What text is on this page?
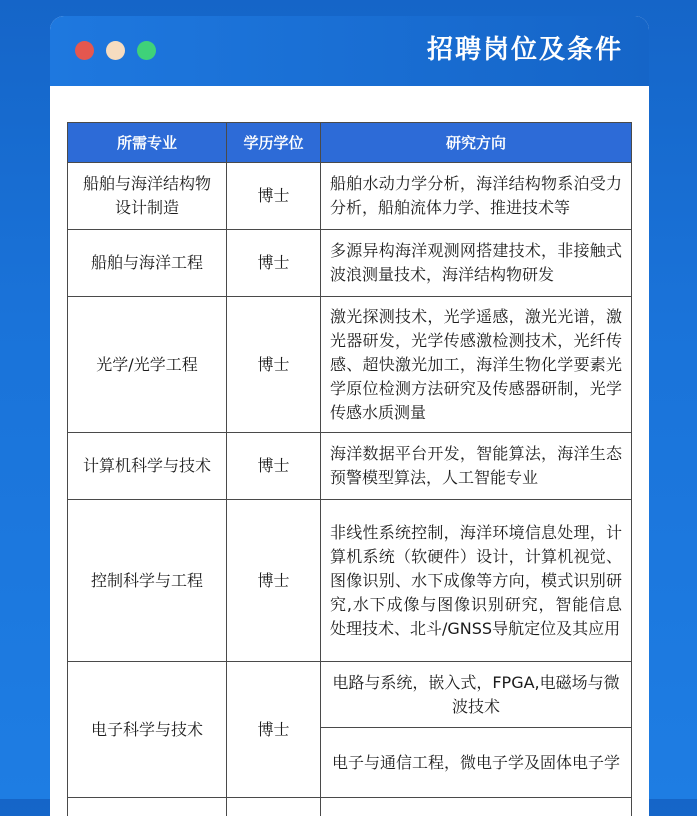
招聘岗位及条件
所需专业	学历学位	研究方向
船舶与海洋结构物设计制造	博士	船舶水动力学分析，海洋结构物系泊受力分析，船舶流体力学、推进技术等
船舶与海洋工程	博士	多源异构海洋观测网搭建技术，非接触式波浪测量技术，海洋结构物研发
光学/光学工程	博士	激光探测技术，光学遥感，激光光谱，激光器研发，光学传感激检测技术，光纤传感、超快激光加工，海洋生物化学要素光学原位检测方法研究及传感器研制，光学传感水质测量
计算机科学与技术	博士	海洋数据平台开发，智能算法，海洋生态预警模型算法，人工智能专业
控制科学与工程	博士	非线性系统控制，海洋环境信息处理，计算机系统（软硬件）设计，计算机视觉、图像识别、水下成像等方向，模式识别研究,水下成像与图像识别研究，智能信息处理技术、北斗/GNSS导航定位及其应用
电子科学与技术	博士	电路与系统，嵌入式，FPGA,电磁场与微波技术
		电子与通信工程，微电子学及固体电子学
